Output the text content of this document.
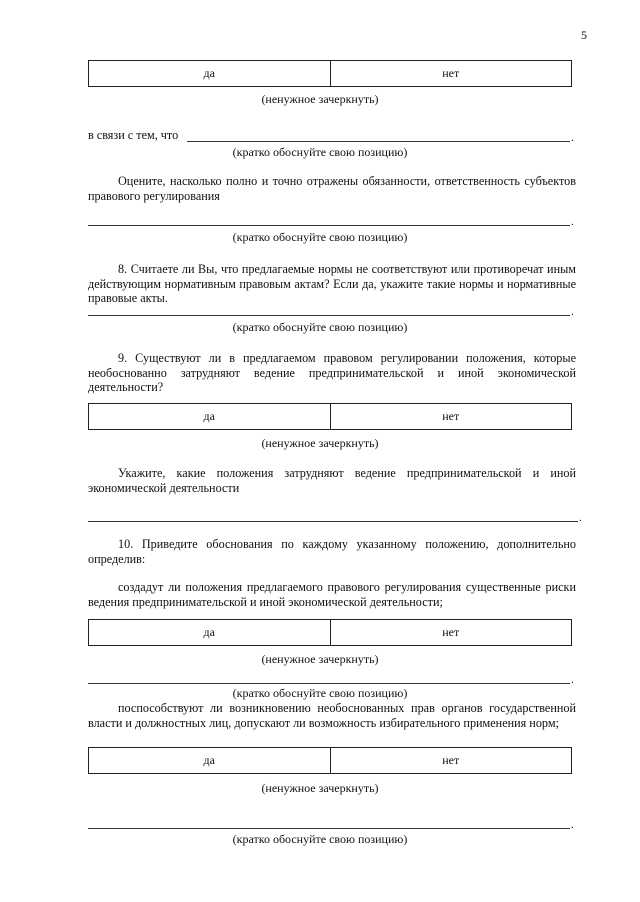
5
да	нет
(ненужное зачеркнуть)
в связи с тем, что	.
(кратко обоснуйте свою позицию)
Оцените, насколько полно и точно отражены обязанности, ответственность субъектов правового регулирования
.
(кратко обоснуйте свою позицию)
8. Считаете ли Вы, что предлагаемые нормы не соответствуют или противоречат иным действующим нормативным правовым актам? Если да, укажите такие нормы и нормативные правовые акты.
.
(кратко обоснуйте свою позицию)
9. Существуют ли в предлагаемом правовом регулировании положения, которые необоснованно затрудняют ведение предпринимательской и иной экономической деятельности?
да	нет
(ненужное зачеркнуть)
Укажите, какие положения затрудняют ведение предпринимательской и иной экономической деятельности
.
10. Приведите обоснования по каждому указанному положению, дополнительно определив:
создадут ли положения предлагаемого правового регулирования существенные риски ведения предпринимательской и иной экономической деятельности;
да	нет
(ненужное зачеркнуть)
.
(кратко обоснуйте свою позицию)
поспособствуют ли возникновению необоснованных прав органов государственной власти и должностных лиц, допускают ли возможность избирательного применения норм;
да	нет
(ненужное зачеркнуть)
.
(кратко обоснуйте свою позицию)
